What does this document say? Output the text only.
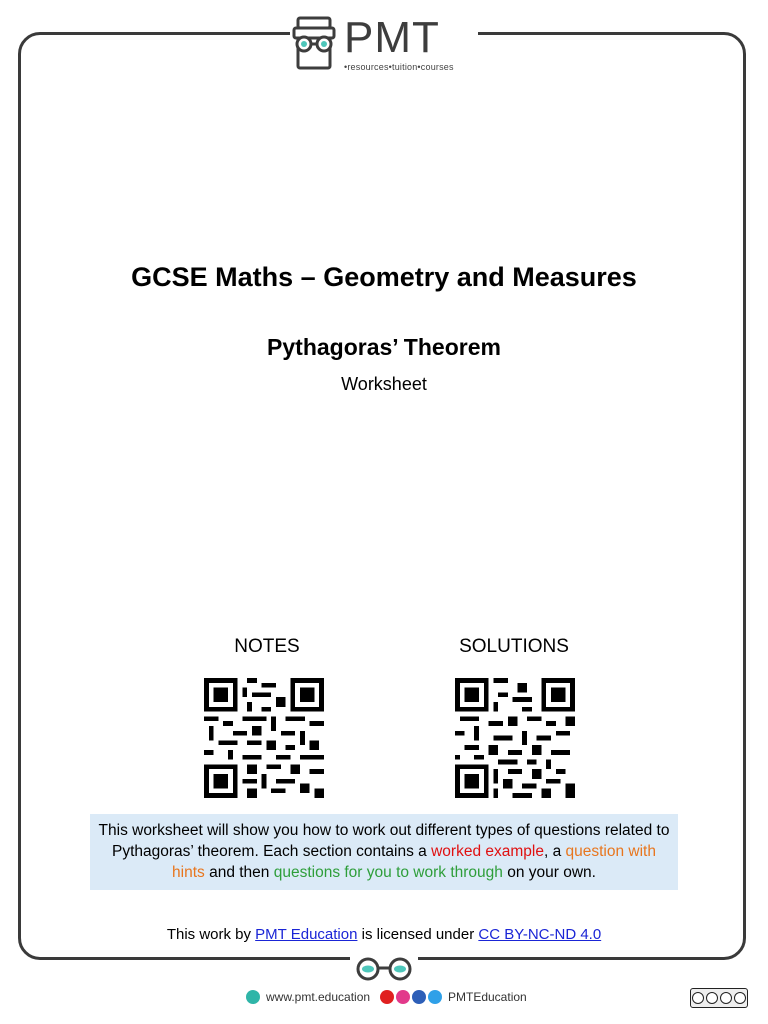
PMT
•resources•tuition•courses
GCSE Maths – Geometry and Measures
Pythagoras’ Theorem
Worksheet
NOTES	SOLUTIONS
This worksheet will show you how to work out different types of questions related to Pythagoras’ theorem. Each section contains a worked example, a question with hints and then questions for you to work through on your own.
This work by PMT Education is licensed under CC BY-NC-ND 4.0
www.pmt.education	PMTEducation
